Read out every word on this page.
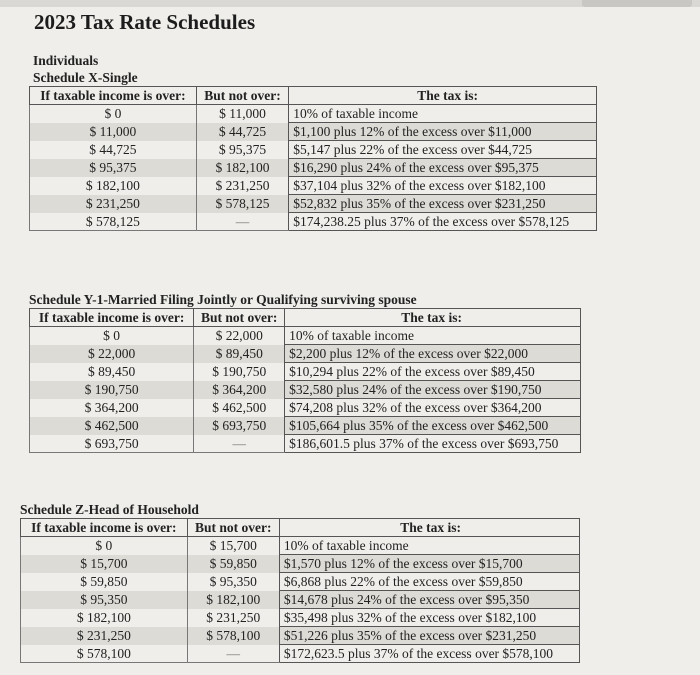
2023 Tax Rate Schedules
Individuals
Schedule X-Single
If taxable income is over:	But not over:	The tax is:
$ 0	$ 11,000	10% of taxable income
$ 11,000	$ 44,725	$1,100 plus 12% of the excess over $11,000
$ 44,725	$ 95,375	$5,147 plus 22% of the excess over $44,725
$ 95,375	$ 182,100	$16,290 plus 24% of the excess over $95,375
$ 182,100	$ 231,250	$37,104 plus 32% of the excess over $182,100
$ 231,250	$ 578,125	$52,832 plus 35% of the excess over $231,250
$ 578,125	—	$174,238.25 plus 37% of the excess over $578,125
Schedule Y-1-Married Filing Jointly or Qualifying surviving spouse
If taxable income is over:	But not over:	The tax is:
$ 0	$ 22,000	10% of taxable income
$ 22,000	$ 89,450	$2,200 plus 12% of the excess over $22,000
$ 89,450	$ 190,750	$10,294 plus 22% of the excess over $89,450
$ 190,750	$ 364,200	$32,580 plus 24% of the excess over $190,750
$ 364,200	$ 462,500	$74,208 plus 32% of the excess over $364,200
$ 462,500	$ 693,750	$105,664 plus 35% of the excess over $462,500
$ 693,750	—	$186,601.5 plus 37% of the excess over $693,750
Schedule Z-Head of Household
If taxable income is over:	But not over:	The tax is:
$ 0	$ 15,700	10% of taxable income
$ 15,700	$ 59,850	$1,570 plus 12% of the excess over $15,700
$ 59,850	$ 95,350	$6,868 plus 22% of the excess over $59,850
$ 95,350	$ 182,100	$14,678 plus 24% of the excess over $95,350
$ 182,100	$ 231,250	$35,498 plus 32% of the excess over $182,100
$ 231,250	$ 578,100	$51,226 plus 35% of the excess over $231,250
$ 578,100	—	$172,623.5 plus 37% of the excess over $578,100
